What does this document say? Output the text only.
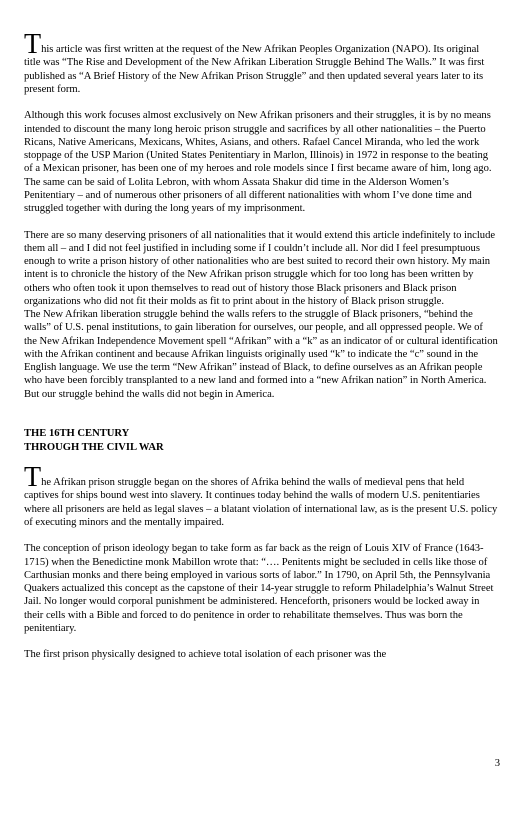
This article was first written at the request of the New Afrikan Peoples Organization (NAPO). Its original title was “The Rise and Development of the New Afrikan Liberation Struggle Behind The Walls.” It was first published as “A Brief History of the New Afrikan Prison Struggle” and then updated several years later to its present form.

Although this work focuses almost exclusively on New Afrikan prisoners and their struggles, it is by no means intended to discount the many long heroic prison struggle and sacrifices by all other nationalities – the Puerto Ricans, Native Americans, Mexicans, Whites, Asians, and others. Rafael Cancel Miranda, who led the work stoppage of the USP Marion (United States Penitentiary in Marlon, Illinois) in 1972 in response to the beating of a Mexican prisoner, has been one of my heroes and role models since I first became aware of him, long ago. The same can be said of Lolita Lebron, with whom Assata Shakur did time in the Alderson Women’s Penitentiary – and of numerous other prisoners of all different nationalities with whom I’ve done time and struggled together with during the long years of my imprisonment.

There are so many deserving prisoners of all nationalities that it would extend this article indefinitely to include them all – and I did not feel justified in including some if I couldn’t include all. Nor did I feel presumptuous enough to write a prison history of other nationalities who are best suited to record their own history. My main intent is to chronicle the history of the New Afrikan prison struggle which for too long has been written by others who often took it upon themselves to read out of history those Black prisoners and Black prison organizations who did not fit their molds as fit to print about in the history of Black prison struggle.

The New Afrikan liberation struggle behind the walls refers to the struggle of Black prisoners, “behind the walls” of U.S. penal institutions, to gain liberation for ourselves, our people, and all oppressed people. We of the New Afrikan Independence Movement spell “Afrikan” with a “k” as an indicator of or cultural identification with the Afrikan continent and because Afrikan linguists originally used “k” to indicate the “c” sound in the English language. We use the term “New Afrikan” instead of Black, to define ourselves as an Afrikan people who have been forcibly transplanted to a new land and formed into a “new Afrikan nation” in North America. But our struggle behind the walls did not begin in America.

THE 16TH CENTURY

THROUGH THE CIVIL WAR

The Afrikan prison struggle began on the shores of Afrika behind the walls of medieval pens that held captives for ships bound west into slavery. It continues today behind the walls of modern U.S. penitentiaries where all prisoners are held as legal slaves – a blatant violation of international law, as is the present U.S. policy of executing minors and the mentally impaired.

The conception of prison ideology began to take form as far back as the reign of Louis XIV of France (1643-1715) when the Benedictine monk Mabillon wrote that: “…. Penitents might be secluded in cells like those of Carthusian monks and there being employed in various sorts of labor.” In 1790, on April 5th, the Pennsylvania Quakers actualized this concept as the capstone of their 14-year struggle to reform Philadelphia’s Walnut Street Jail. No longer would corporal punishment be administered. Henceforth, prisoners would be locked away in their cells with a Bible and forced to do penitence in order to rehabilitate themselves. Thus was born the penitentiary.

The first prison physically designed to achieve total isolation of each prisoner was the

3
